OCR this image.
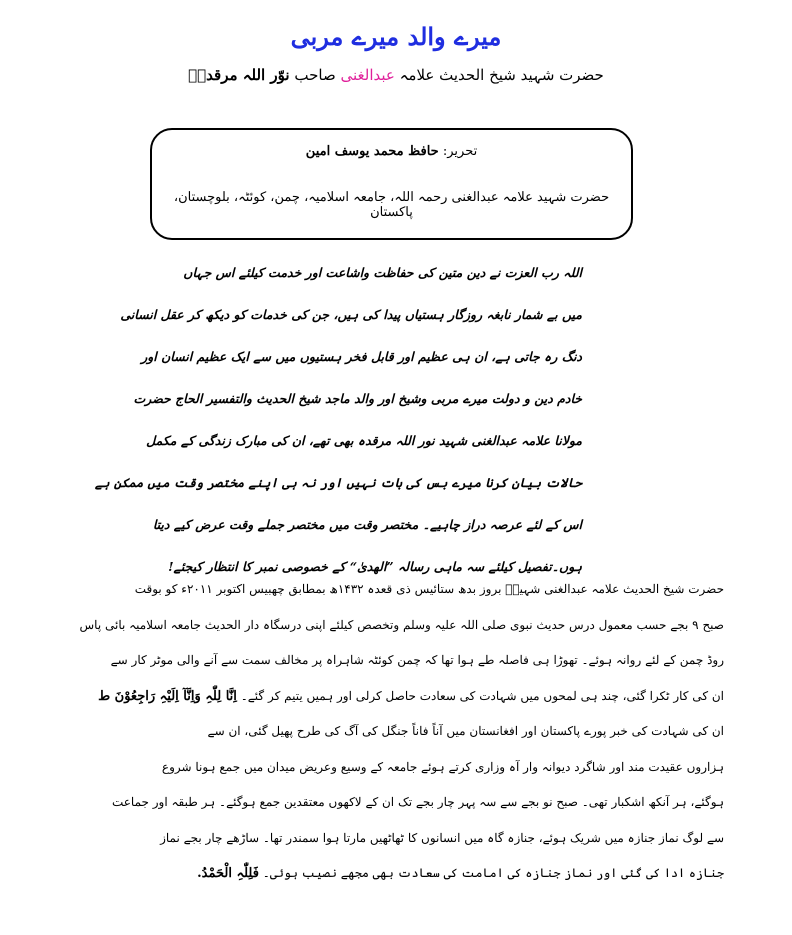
میرے والد میرے مربی
حضرت شہید شیخ الحدیث علامہ عبدالغنی صاحب نوّر اللہ مرقدہٗ
تحریر: حافظ محمد یوسف امین
حضرت شہید علامہ عبدالغنی رحمہ اللہ، جامعہ اسلامیہ، چمن، کوئٹہ، بلوچستان، پاکستان
اللہ رب العزت نے دین متین کی حفاظت واشاعت اور خدمت کیلئے اس جہاں
میں بے شمار نابغہ روزگار ہستیاں پیدا کی ہیں، جن کی خدمات کو دیکھ کر عقل انسانی
دنگ رہ جاتی ہے، ان ہی عظیم اور قابل فخر ہستیوں میں سے ایک عظیم انسان اور
خادم دین و دولت میرے مربی وشیخ اور والد ماجد شیخ الحدیث والتفسیر الحاج حضرت
مولانا علامہ عبدالغنی شہید نور اللہ مرقدہ بھی تھے، ان کی مبارک زندگی کے مکمل
حالات بیان کرنا میرے بس کی بات نہیں اور نہ ہی اپنے مختصر وقت میں ممکن ہے
اس کے لئے عرصہ دراز چاہیے۔ مختصر وقت میں مختصر جملے وقت عرض کیے دیتا
ہوں۔تفصیل کیلئے سہ ماہی رسالہ ”الھدیٰ“ کے خصوصی نمبر کا انتظار کیجئے!
حضرت شیخ الحدیث علامہ عبدالغنی شہیدؒ بروز بدھ ستائیس ذی قعدہ ۱۴۳۲ھ بمطابق چھبیس اکتوبر ۲۰۱۱ء کو بوقت
صبح ۹ بجے حسب معمول درس حدیث نبوی صلی اللہ علیہ وسلم وتخصص کیلئے اپنی درسگاہ دار الحدیث جامعہ اسلامیہ بائی پاس
روڈ چمن کے لئے روانہ ہوئے۔ تھوڑا ہی فاصلہ طے ہوا تھا کہ چمن کوئٹہ شاہراہ پر مخالف سمت سے آنے والی موٹر کار سے
ان کی کار ٹکرا گئی، چند ہی لمحوں میں شہادت کی سعادت حاصل کرلی اور ہمیں یتیم کر گئے۔ اِنَّا لِلّٰہِ وَاِنَّآ اِلَیْہِ رَاجِعُوْنَ ط
ان کی شہادت کی خبر پورے پاکستان اور افغانستان میں آناً فاناً جنگل کی آگ کی طرح پھیل گئی، ان سے
ہزاروں عقیدت مند اور شاگرد دیوانہ وار آہ وزاری کرتے ہوئے جامعہ کے وسیع وعریض میدان میں جمع ہونا شروع
ہوگئے، ہر آنکھ اشکبار تھی۔ صبح نو بجے سے سہ پہر چار بجے تک ان کے لاکھوں معتقدین جمع ہوگئے۔ ہر طبقہ اور جماعت
سے لوگ نماز جنازہ میں شریک ہوئے، جنازہ گاہ میں انسانوں کا ٹھاٹھیں مارتا ہوا سمندر تھا۔ ساڑھے چار بجے نماز
جنازہ ادا کی گئی اور نماز جنازہ کی امامت کی سعادت بھی مجھے نصیب ہوئی۔ فَلِلّٰہِ الْحَمْدُ.
